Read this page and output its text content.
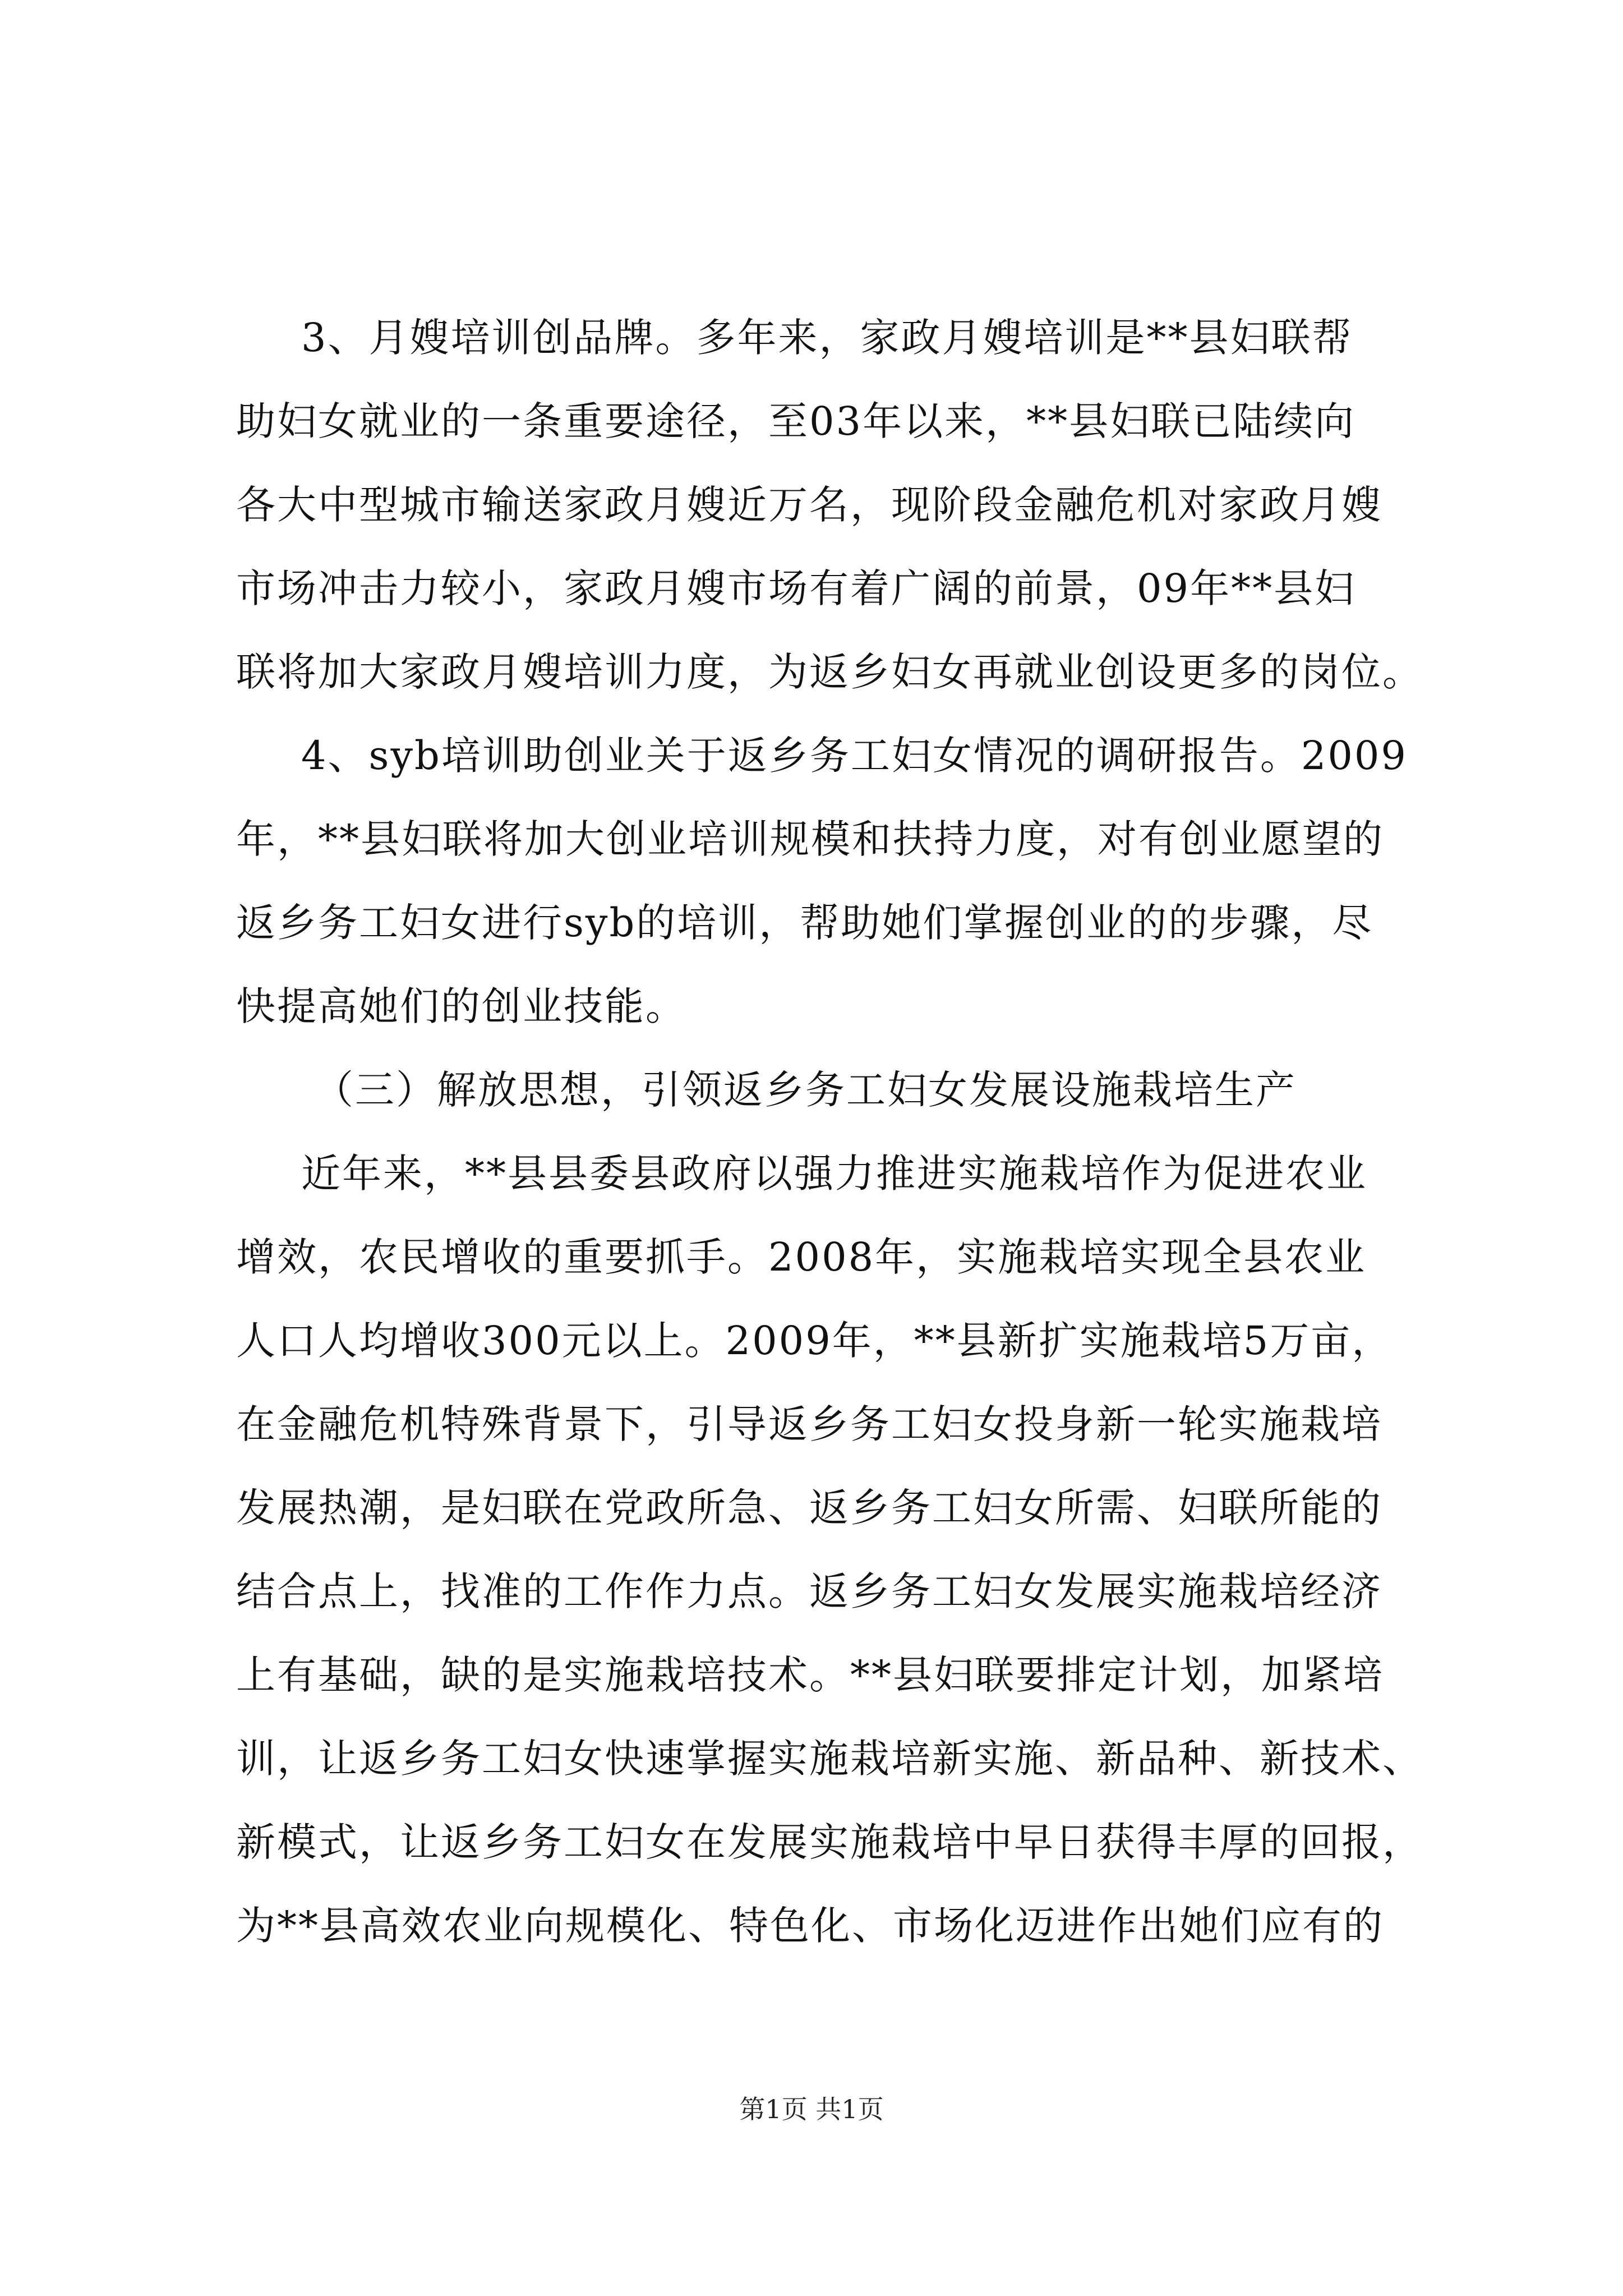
3、月嫂培训创品牌。多年来，家政月嫂培训是**县妇联帮
助妇女就业的一条重要途径，至03年以来，**县妇联已陆续向
各大中型城市输送家政月嫂近万名，现阶段金融危机对家政月嫂
市场冲击力较小，家政月嫂市场有着广阔的前景，09年**县妇
联将加大家政月嫂培训力度，为返乡妇女再就业创设更多的岗位。
4、syb培训助创业关于返乡务工妇女情况的调研报告。2009
年，**县妇联将加大创业培训规模和扶持力度，对有创业愿望的
返乡务工妇女进行syb的培训，帮助她们掌握创业的的步骤，尽
快提高她们的创业技能。
（三）解放思想，引领返乡务工妇女发展设施栽培生产
近年来，**县县委县政府以强力推进实施栽培作为促进农业
增效，农民增收的重要抓手。2008年，实施栽培实现全县农业
人口人均增收300元以上。2009年，**县新扩实施栽培5万亩，
在金融危机特殊背景下，引导返乡务工妇女投身新一轮实施栽培
发展热潮，是妇联在党政所急、返乡务工妇女所需、妇联所能的
结合点上，找准的工作作力点。返乡务工妇女发展实施栽培经济
上有基础，缺的是实施栽培技术。**县妇联要排定计划，加紧培
训，让返乡务工妇女快速掌握实施栽培新实施、新品种、新技术、
新模式，让返乡务工妇女在发展实施栽培中早日获得丰厚的回报，
为**县高效农业向规模化、特色化、市场化迈进作出她们应有的
第1页 共1页
